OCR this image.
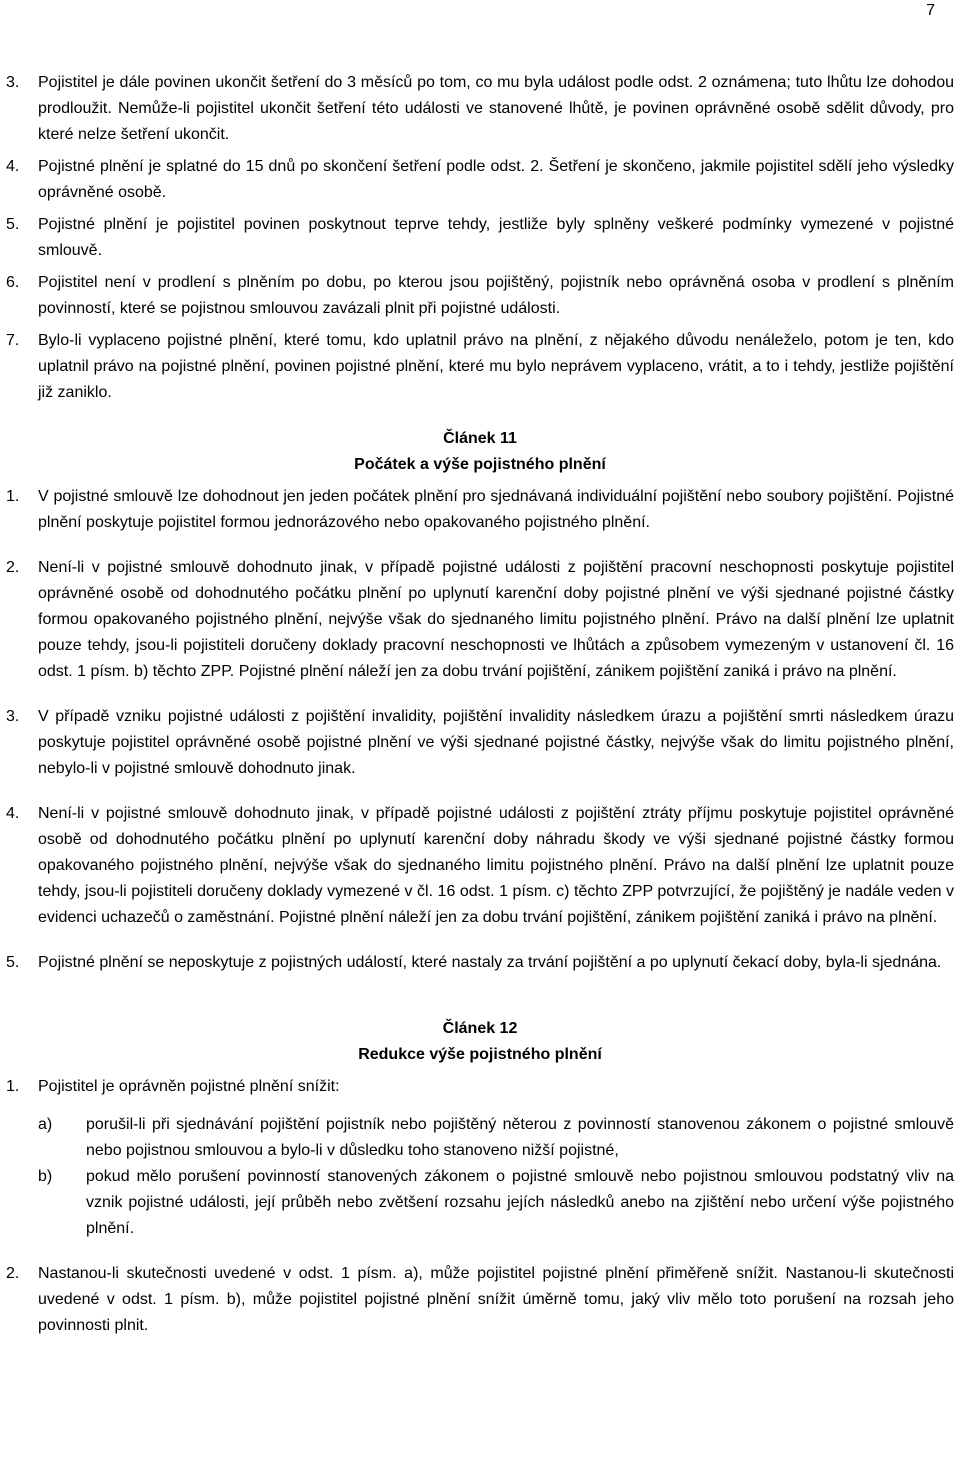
7
3.	Pojistitel je dále povinen ukončit šetření do 3 měsíců po tom, co mu byla událost podle odst. 2 oznámena; tuto lhůtu lze dohodou prodloužit. Nemůže-li pojistitel ukončit šetření této události ve stanovené lhůtě, je povinen oprávněné osobě sdělit důvody, pro které nelze šetření ukončit.
4.	Pojistné plnění je splatné do 15 dnů po skončení šetření podle odst. 2. Šetření je skončeno, jakmile pojistitel sdělí jeho výsledky oprávněné osobě.
5.	Pojistné plnění je pojistitel povinen poskytnout teprve tehdy, jestliže byly splněny veškeré podmínky vymezené v pojistné smlouvě.
6.	Pojistitel není v prodlení s plněním po dobu, po kterou jsou pojištěný, pojistník nebo oprávněná osoba v prodlení s plněním povinností, které se pojistnou smlouvou zavázali plnit při pojistné události.
7.	Bylo-li vyplaceno pojistné plnění, které tomu, kdo uplatnil právo na plnění, z nějakého důvodu nenáleželo, potom je ten, kdo uplatnil právo na pojistné plnění, povinen pojistné plnění, které mu bylo neprávem vyplaceno, vrátit, a to i tehdy, jestliže pojištění již zaniklo.
Článek 11
Počátek a výše pojistného plnění
1.	V pojistné smlouvě lze dohodnout jen jeden počátek plnění pro sjednávaná individuální pojištění nebo soubory pojištění. Pojistné plnění poskytuje pojistitel formou jednorázového nebo opakovaného pojistného plnění.
2.	Není-li v pojistné smlouvě dohodnuto jinak, v případě pojistné události z pojištění pracovní neschopnosti poskytuje pojistitel oprávněné osobě od dohodnutého počátku plnění po uplynutí karenční doby pojistné plnění ve výši sjednané pojistné částky formou opakovaného pojistného plnění, nejvýše však do sjednaného limitu pojistného plnění. Právo na další plnění lze uplatnit pouze tehdy, jsou-li pojistiteli doručeny doklady pracovní neschopnosti ve lhůtách a způsobem vymezeným v ustanovení čl. 16 odst. 1 písm. b) těchto ZPP. Pojistné plnění náleží jen za dobu trvání pojištění, zánikem pojištění zaniká i právo na plnění.
3.	V případě vzniku pojistné události z pojištění invalidity, pojištění invalidity následkem úrazu a pojištění smrti následkem úrazu poskytuje pojistitel oprávněné osobě pojistné plnění ve výši sjednané pojistné částky, nejvýše však do limitu pojistného plnění, nebylo-li v pojistné smlouvě dohodnuto jinak.
4.	Není-li v pojistné smlouvě dohodnuto jinak, v případě pojistné události z pojištění ztráty příjmu poskytuje pojistitel oprávněné osobě od dohodnutého počátku plnění po uplynutí karenční doby náhradu škody ve výši sjednané pojistné částky formou opakovaného pojistného plnění, nejvýše však do sjednaného limitu pojistného plnění. Právo na další plnění lze uplatnit pouze tehdy, jsou-li pojistiteli doručeny doklady vymezené v čl. 16 odst. 1 písm. c) těchto ZPP potvrzující, že pojištěný je nadále veden v evidenci uchazečů o zaměstnání. Pojistné plnění náleží jen za dobu trvání pojištění, zánikem pojištění zaniká i právo na plnění.
5.	Pojistné plnění se neposkytuje z pojistných událostí, které nastaly za trvání pojištění a po uplynutí čekací doby, byla-li sjednána.
Článek 12
Redukce výše pojistného plnění
1.	Pojistitel je oprávněn pojistné plnění snížit:
a)	porušil-li při sjednávání pojištění pojistník nebo pojištěný něterou z povinností stanovenou zákonem o pojistné smlouvě nebo pojistnou smlouvou a bylo-li v důsledku toho stanoveno nižší pojistné,
b)	pokud mělo porušení povinností stanovených zákonem o pojistné smlouvě nebo pojistnou smlouvou podstatný vliv na vznik pojistné události, její průběh nebo zvětšení rozsahu jejích následků anebo na zjištění nebo určení výše pojistného plnění.
2.	Nastanou-li skutečnosti uvedené v odst. 1 písm. a), může pojistitel pojistné plnění přiměřeně snížit. Nastanou-li skutečnosti uvedené v odst. 1 písm. b), může pojistitel pojistné plnění snížit úměrně tomu, jaký vliv mělo toto porušení na rozsah jeho povinnosti plnit.
